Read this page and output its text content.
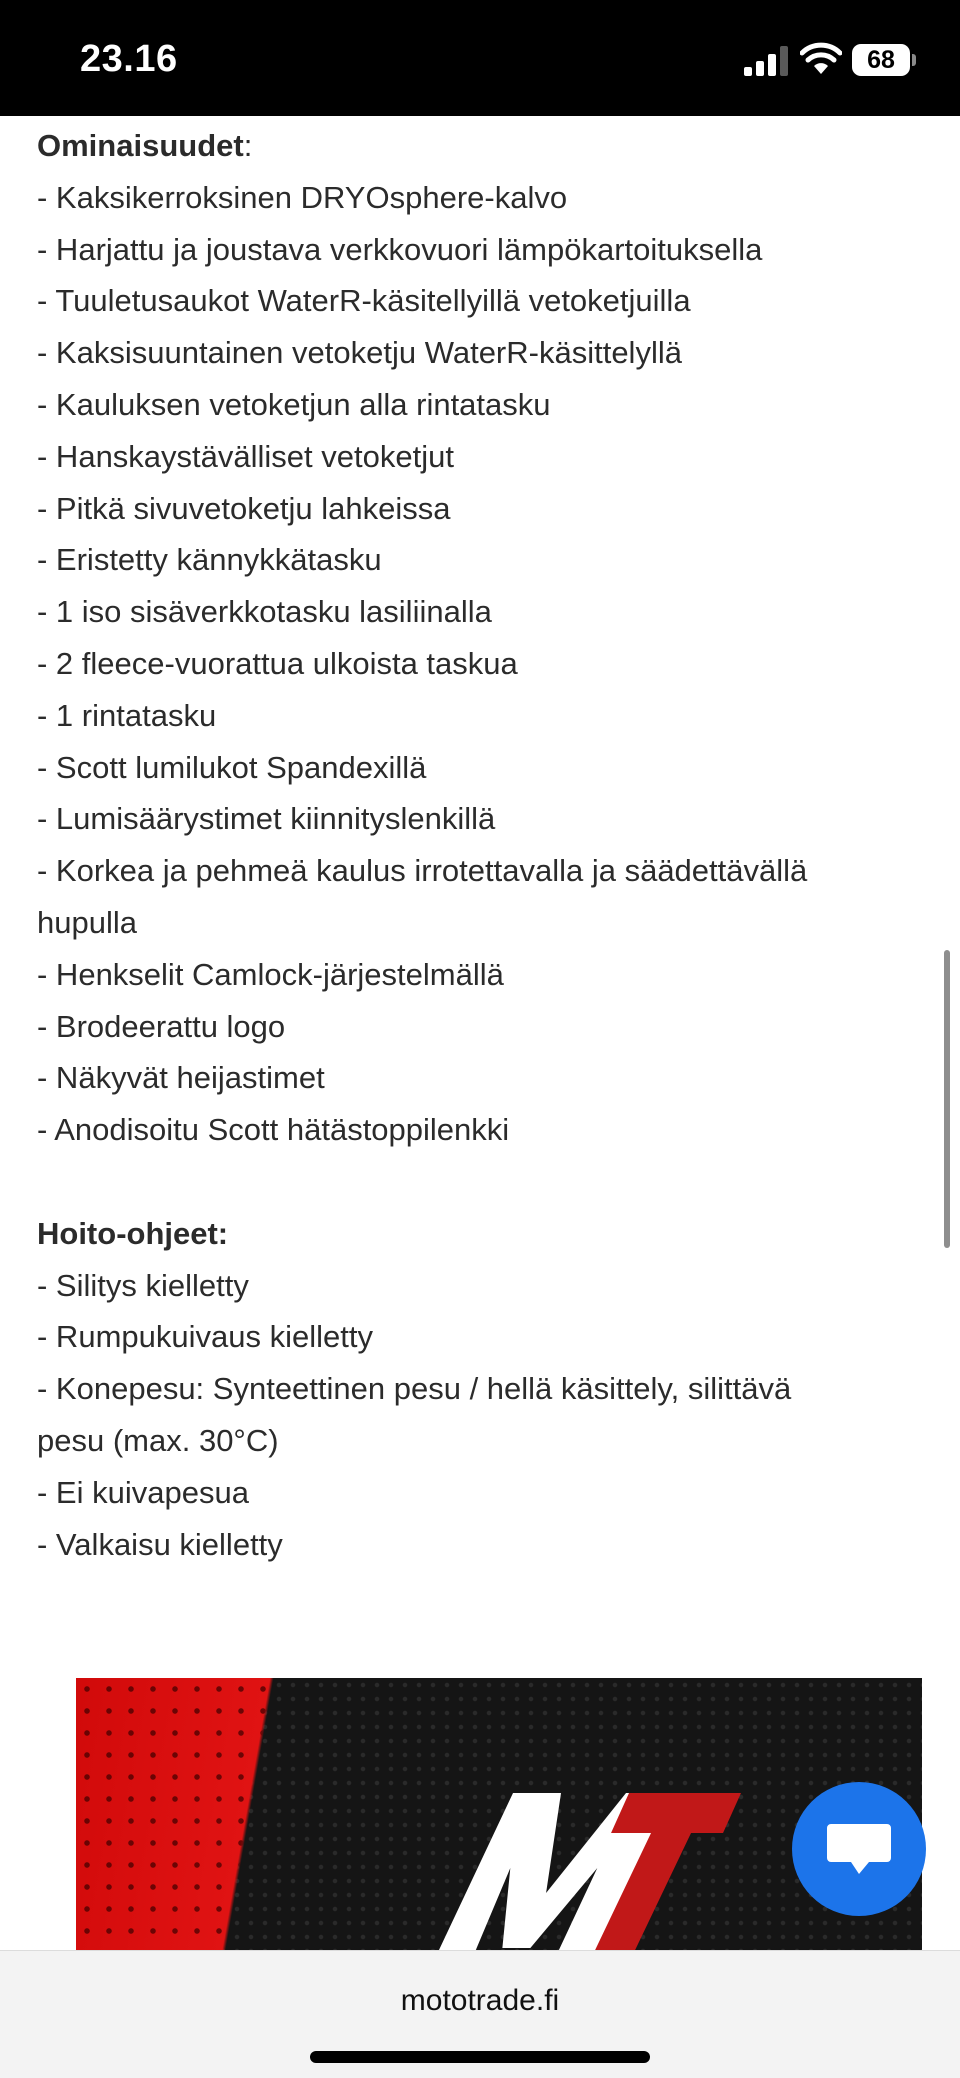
23.16	68
Ominaisuudet:
- Kaksikerroksinen DRYOsphere-kalvo
- Harjattu ja joustava verkkovuori lämpökartoituksella
- Tuuletusaukot WaterR-käsitellyillä vetoketjuilla
- Kaksisuuntainen vetoketju WaterR-käsittelyllä
- Kauluksen vetoketjun alla rintatasku
- Hanskaystävälliset vetoketjut
- Pitkä sivuvetoketju lahkeissa
- Eristetty kännykkätasku
- 1 iso sisäverkkotasku lasiliinalla
- 2 fleece-vuorattua ulkoista taskua
- 1 rintatasku
- Scott lumilukot Spandexillä
- Lumisäärystimet kiinnityslenkillä
- Korkea ja pehmeä kaulus irrotettavalla ja säädettävällä
hupulla
- Henkselit Camlock-järjestelmällä
- Brodeerattu logo
- Näkyvät heijastimet
- Anodisoitu Scott hätästoppilenkki
Hoito-ohjeet:
- Silitys kielletty
- Rumpukuivaus kielletty
- Konepesu: Synteettinen pesu / hellä käsittely, silittävä
pesu (max. 30°C)
- Ei kuivapesua
- Valkaisu kielletty
mototrade.fi
